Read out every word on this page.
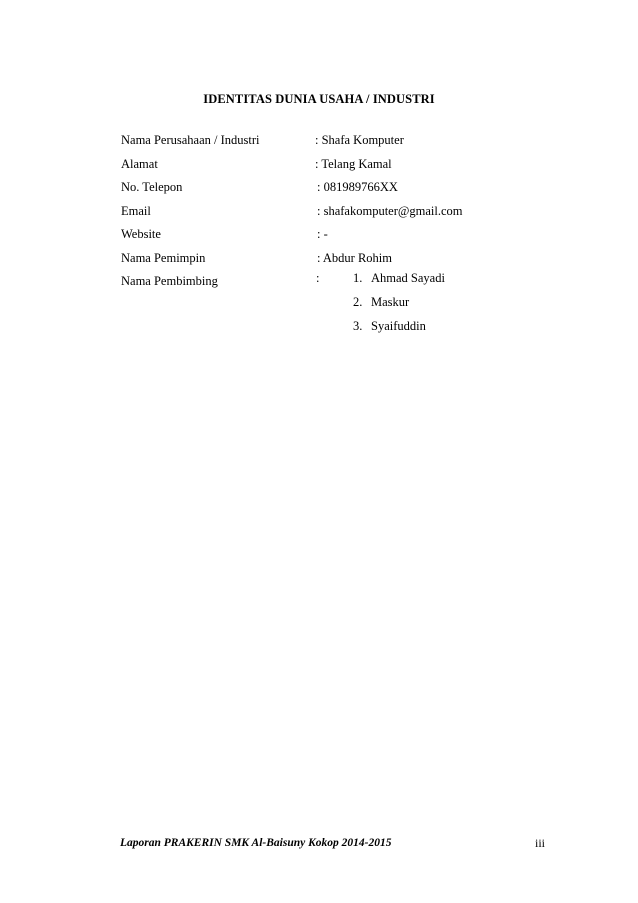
IDENTITAS DUNIA USAHA / INDUSTRI
Nama Perusahaan / Industri	: Shafa Komputer
Alamat	: Telang Kamal
No. Telepon	: 081989766XX
Email	: shafakomputer@gmail.com
Website	: -
Nama Pemimpin	: Abdur Rohim
Nama Pembimbing	:	1. Ahmad Sayadi
2. Maskur
3. Syaifuddin
Laporan PRAKERIN SMK Al-Baisuny Kokop 2014-2015	iii
